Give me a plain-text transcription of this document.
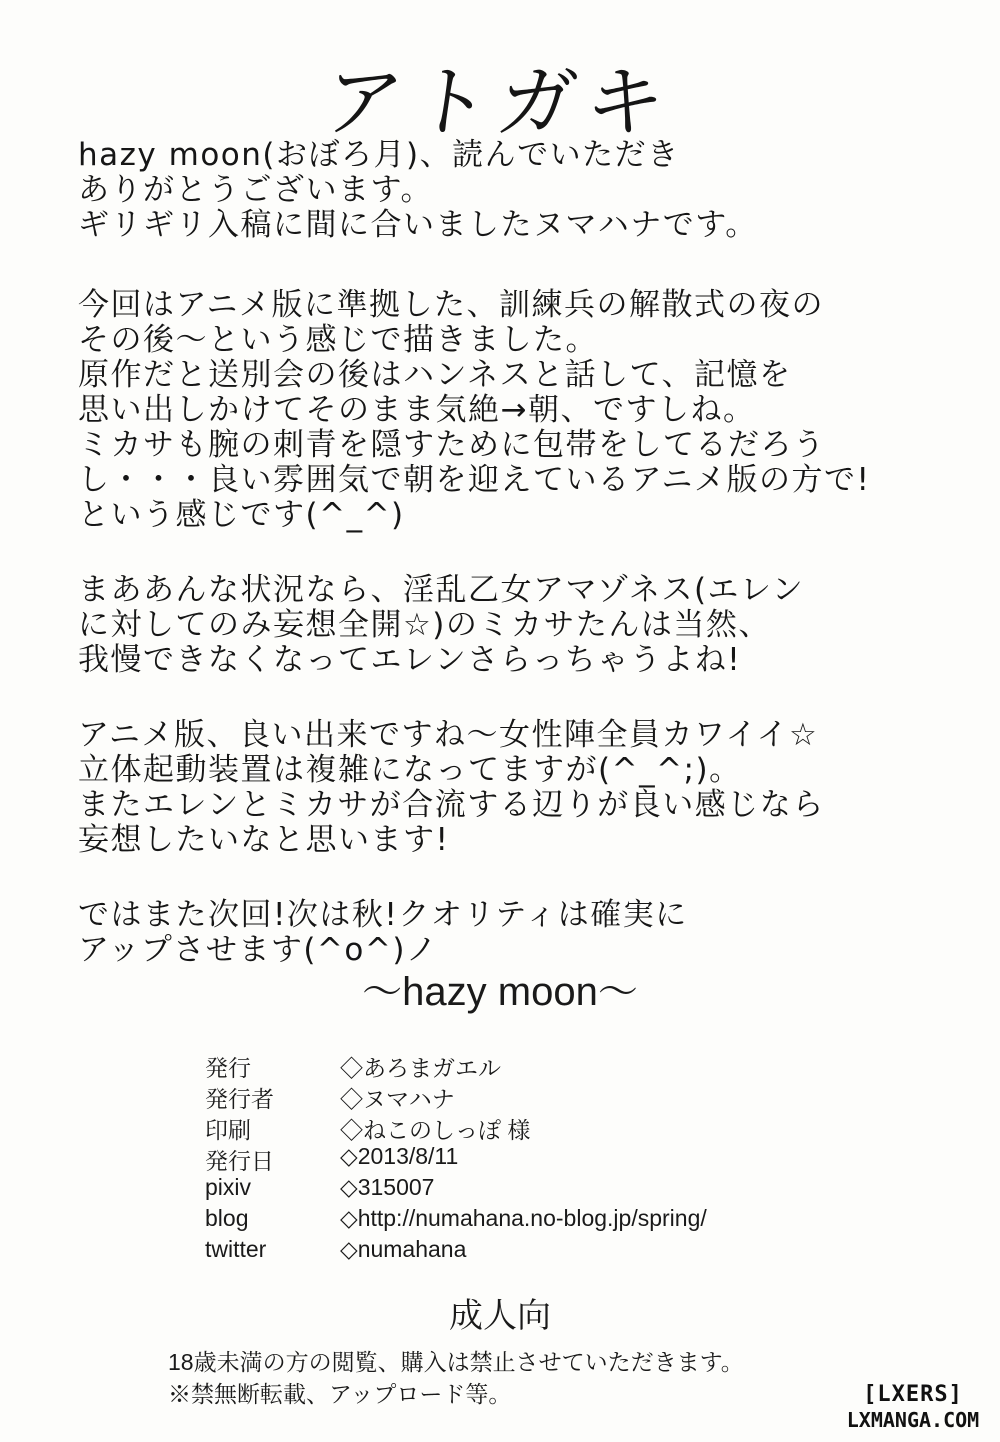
アトガキ
hazy moon(おぼろ月)、読んでいただき
ありがとうございます。
ギリギリ入稿に間に合いましたヌマハナです。
今回はアニメ版に準拠した、訓練兵の解散式の夜の
その後〜という感じで描きました。
原作だと送別会の後はハンネスと話して、記憶を
思い出しかけてそのまま気絶→朝、ですしね。
ミカサも腕の刺青を隠すために包帯をしてるだろう
し・・・良い雰囲気で朝を迎えているアニメ版の方で!
という感じです(^_^)
まああんな状況なら、淫乱乙女アマゾネス(エレン
に対してのみ妄想全開☆)のミカサたんは当然、
我慢できなくなってエレンさらっちゃうよね!
アニメ版、良い出来ですね〜女性陣全員カワイイ☆
立体起動装置は複雑になってますが(^_^;)。
またエレンとミカサが合流する辺りが良い感じなら
妄想したいなと思います!
ではまた次回!次は秋!クオリティは確実に
アップさせます(^o^)ノ
〜hazy moon〜
発行	◇あろまガエル
発行者	◇ヌマハナ
印刷	◇ねこのしっぽ 様
発行日	◇2013/8/11
pixiv	◇315007
blog	◇http://numahana.no-blog.jp/spring/
twitter	◇numahana
成人向
18歳未満の方の閲覧、購入は禁止させていただきます。
※禁無断転載、アップロード等。	[LXERS]
LXMANGA.COM
